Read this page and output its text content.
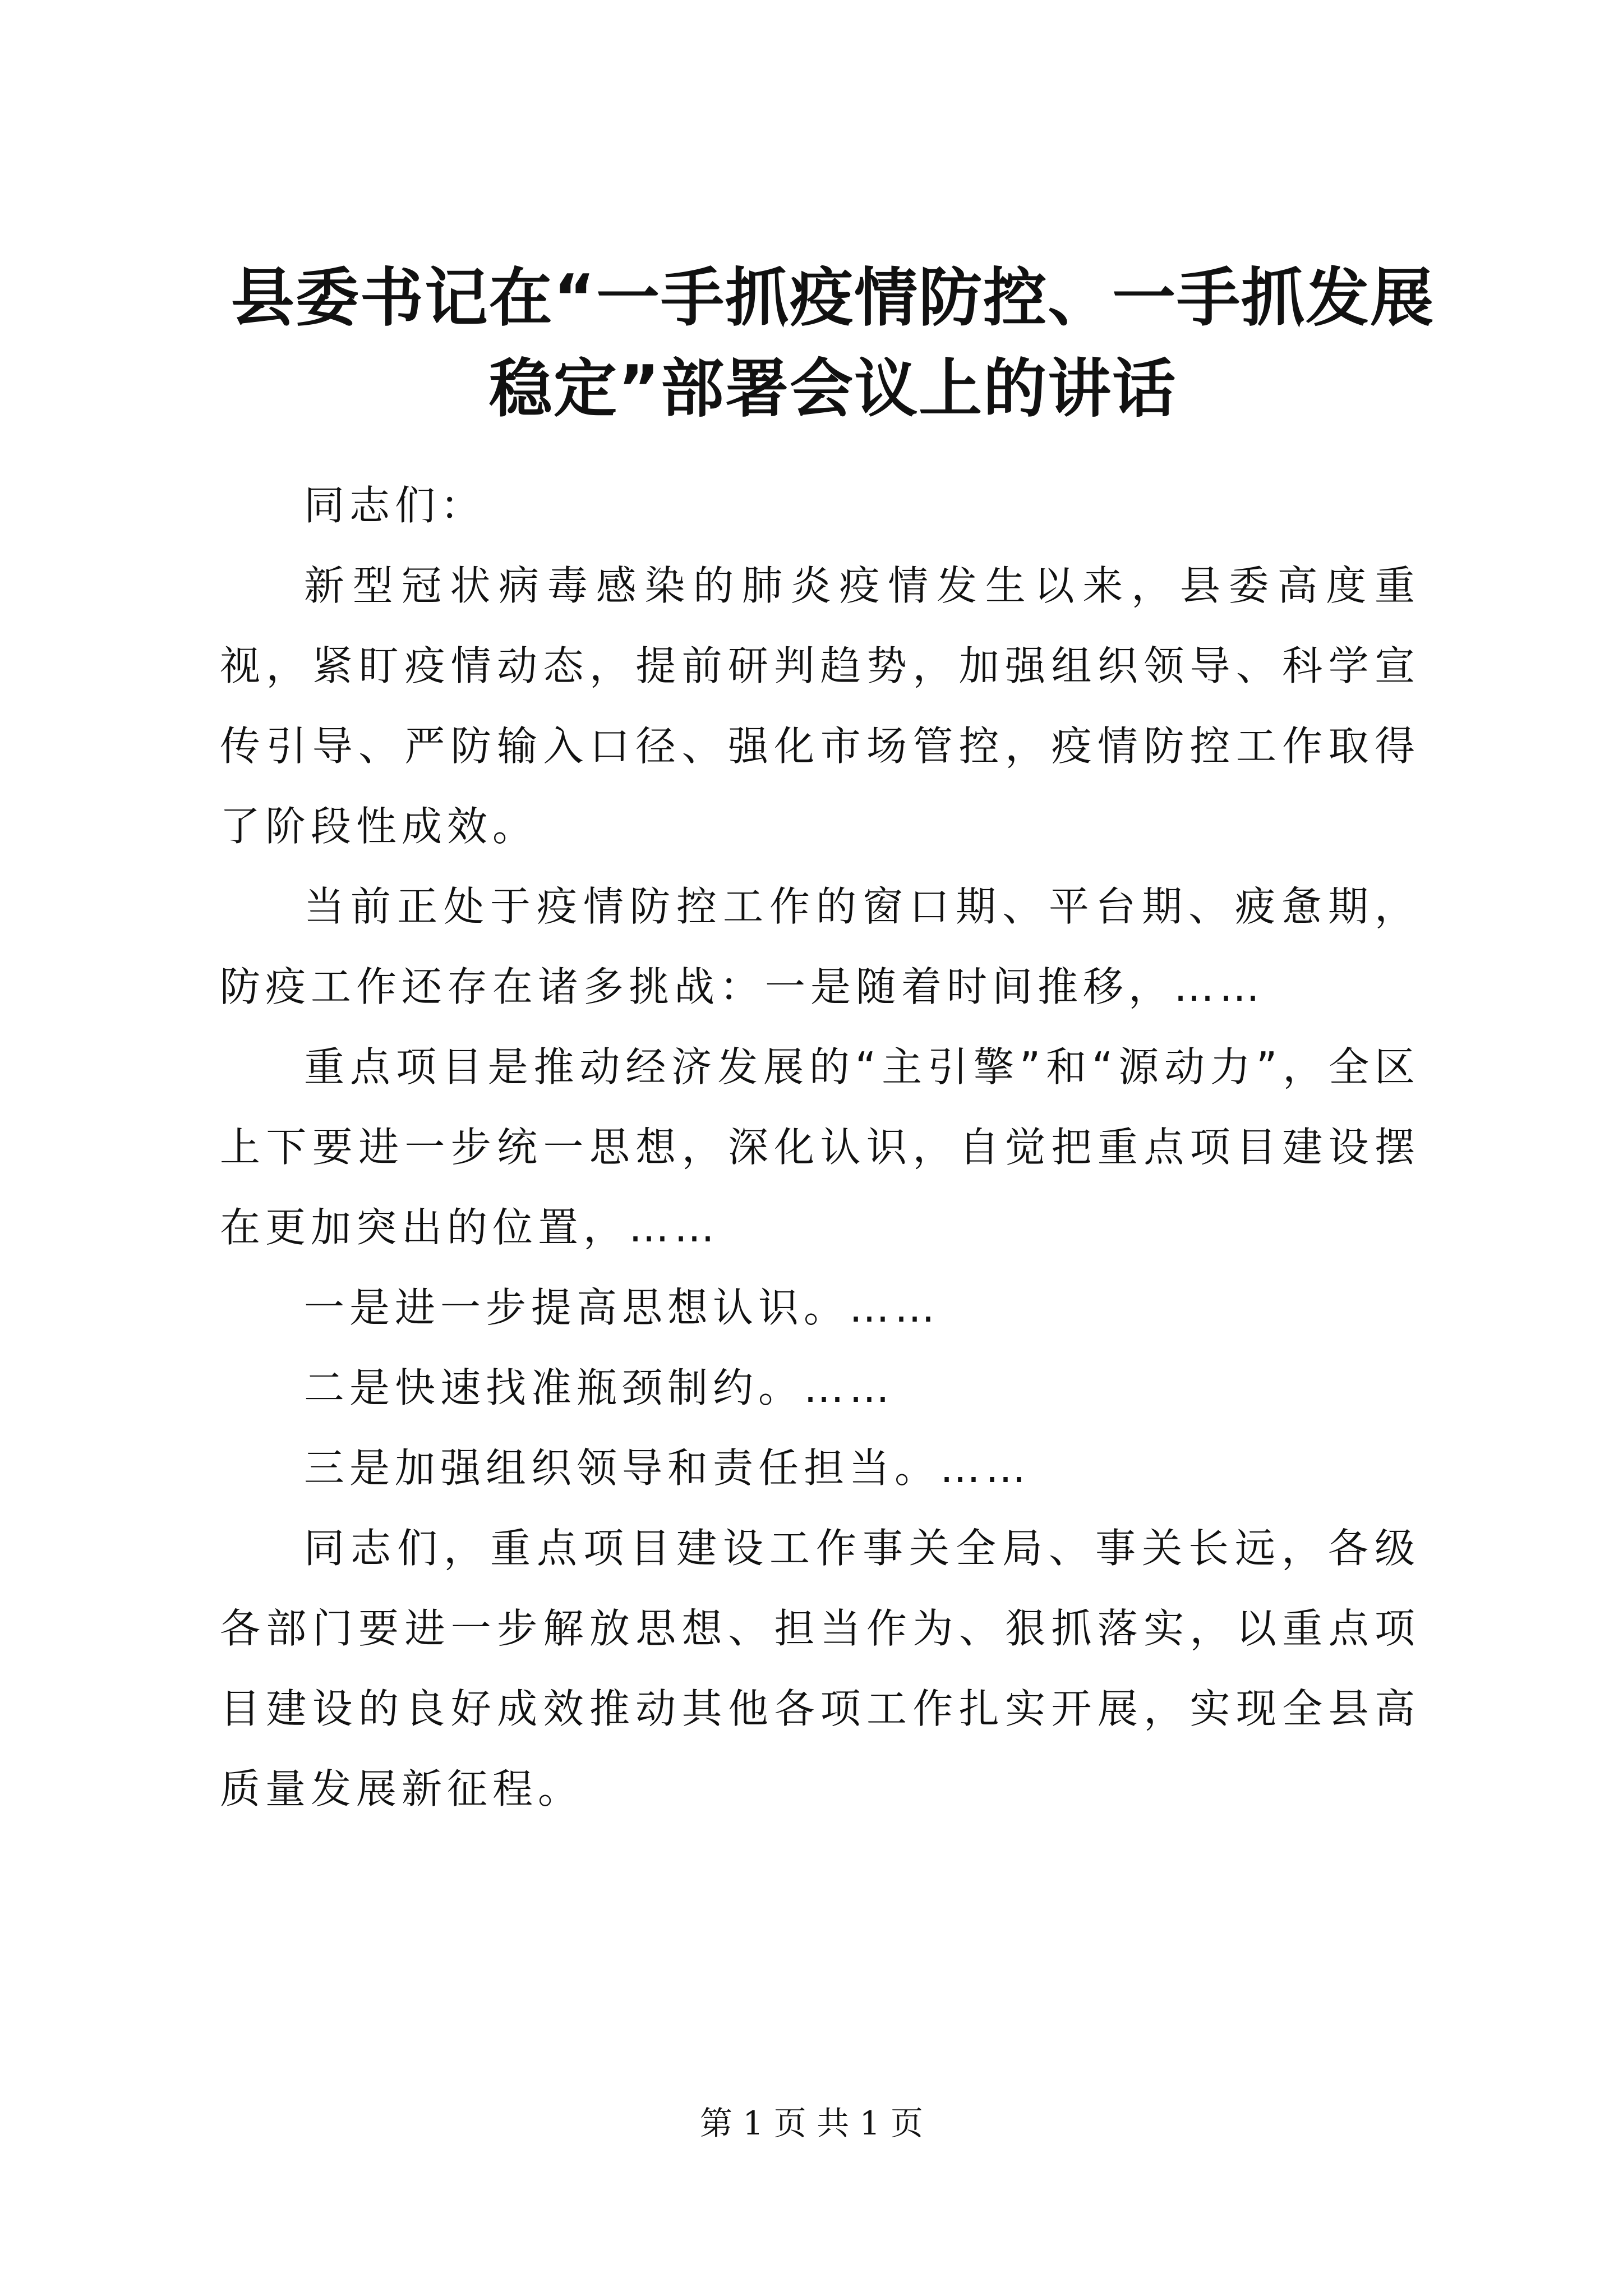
县委书记在“一手抓疫情防控、一手抓发展稳定”部署会议上的讲话

同志们：

新型冠状病毒感染的肺炎疫情发生以来，县委高度重视，紧盯疫情动态，提前研判趋势，加强组织领导、科学宣传引导、严防输入口径、强化市场管控，疫情防控工作取得了阶段性成效。

当前正处于疫情防控工作的窗口期、平台期、疲惫期，防疫工作还存在诸多挑战：一是随着时间推移，……

重点项目是推动经济发展的“主引擎”和“源动力”，全区上下要进一步统一思想，深化认识，自觉把重点项目建设摆在更加突出的位置，……

一是进一步提高思想认识。……

二是快速找准瓶颈制约。……

三是加强组织领导和责任担当。……

同志们，重点项目建设工作事关全局、事关长远，各级各部门要进一步解放思想、担当作为、狠抓落实，以重点项目建设的良好成效推动其他各项工作扎实开展，实现全县高质量发展新征程。

第 1 页 共 1 页
